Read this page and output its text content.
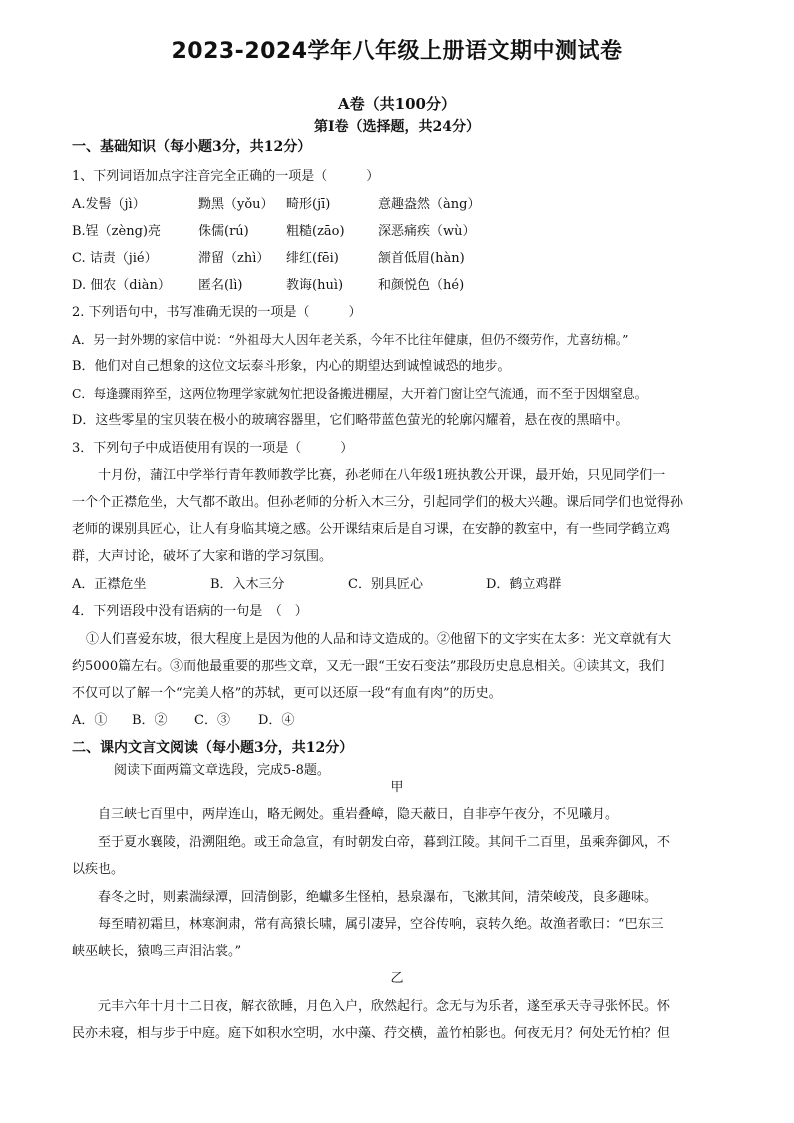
2023-2024学年八年级上册语文期中测试卷
A卷（共100分）
第Ⅰ卷（选择题，共24分）
一、基础知识（每小题3分，共12分）
1、下列词语加点字注音完全正确的一项是（　　　）
A.发髻（jì）	黝黑（yǒu） 畸形(jī)	意趣盎然（àng）
B.锃（zèng)亮	侏儒(rú)	粗糙(zāo)	深恶痛疾（wù）
C. 诘责（jié）	滞留（zhì） 绯红(fēi)	颔首低眉(hàn)
D. 佃农（diàn） 匿名(lì)	教诲(huì)	和颜悦色（hé)
2. 下列语句中，书写准确无误的一项是（　　　）
A．另一封外甥的家信中说：“外祖母大人因年老关系，今年不比往年健康，但仍不缀劳作，尤喜纺棉。”
B．他们对自己想象的这位文坛泰斗形象，内心的期望达到诚惶诚恐的地步。
C．每逢骤雨猝至，这两位物理学家就匆忙把设备搬进棚屋，大开着门窗让空气流通，而不至于因烟窒息。
D．这些零星的宝贝装在极小的玻璃容器里，它们略带蓝色萤光的轮廓闪耀着，悬在夜的黑暗中。
3．下列句子中成语使用有误的一项是（　　　）
十月份，蒲江中学举行青年教师教学比赛，孙老师在八年级1班执教公开课，最开始，只见同学们一
一个个正襟危坐，大气都不敢出。但孙老师的分析入木三分，引起同学们的极大兴趣。课后同学们也觉得孙
老师的课别具匠心，让人有身临其境之感。公开课结束后是自习课，在安静的教室中，有一些同学鹤立鸡
群，大声讨论，破坏了大家和谐的学习氛围。
A．正襟危坐	B．入木三分	C．别具匠心	D．鹤立鸡群
4．下列语段中没有语病的一句是　（　）
①人们喜爱东坡，很大程度上是因为他的人品和诗文造成的。②他留下的文字实在太多：光文章就有大
约5000篇左右。③而他最重要的那些文章，又无一跟“王安石变法”那段历史息息相关。④读其文，我们
不仅可以了解一个“完美人格”的苏轼，更可以还原一段“有血有肉”的历史。
A．① B．② C．③ D．④
二、课内文言文阅读（每小题3分，共12分）
阅读下面两篇文章选段，完成5-8题。
甲
自三峡七百里中，两岸连山，略无阙处。重岩叠嶂，隐天蔽日，自非亭午夜分，不见曦月。
至于夏水襄陵，沿溯阻绝。或王命急宣，有时朝发白帝，暮到江陵。其间千二百里，虽乘奔御风，不
以疾也。
春冬之时，则素湍绿潭，回清倒影，绝巘多生怪柏，悬泉瀑布，飞漱其间，清荣峻茂，良多趣味。
每至晴初霜旦，林寒涧肃，常有高猿长啸，属引凄异，空谷传响，哀转久绝。故渔者歌曰：“巴东三
峡巫峡长，猿鸣三声泪沾裳。”
乙
元丰六年十月十二日夜，解衣欲睡，月色入户，欣然起行。念无与为乐者，遂至承天寺寻张怀民。怀
民亦未寝，相与步于中庭。庭下如积水空明，水中藻、荇交横，盖竹柏影也。何夜无月？何处无竹柏？但
